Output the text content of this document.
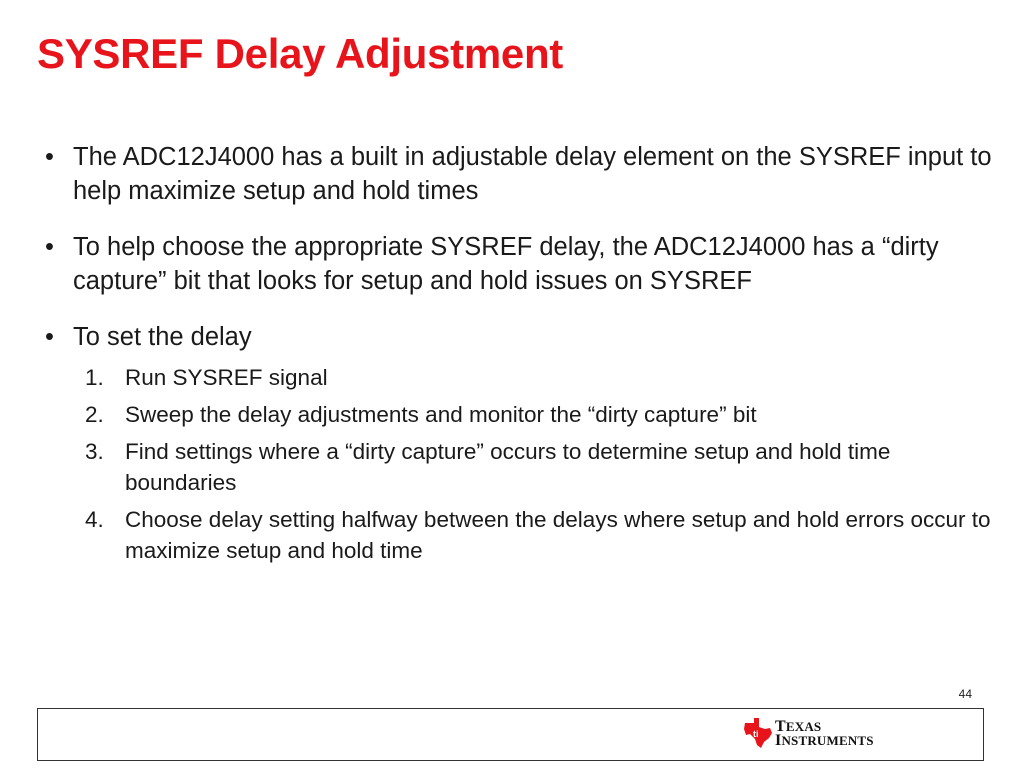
SYSREF Delay Adjustment
• The ADC12J4000 has a built in adjustable delay element on the SYSREF input to help maximize setup and hold times
• To help choose the appropriate SYSREF delay, the ADC12J4000 has a “dirty capture” bit that looks for setup and hold issues on SYSREF
• To set the delay
1. Run SYSREF signal
2. Sweep the delay adjustments and monitor the “dirty capture” bit
3. Find settings where a “dirty capture” occurs to determine setup and hold time boundaries
4. Choose delay setting halfway between the delays where setup and hold errors occur to maximize setup and hold time
44
ti TEXAS
INSTRUMENTS
